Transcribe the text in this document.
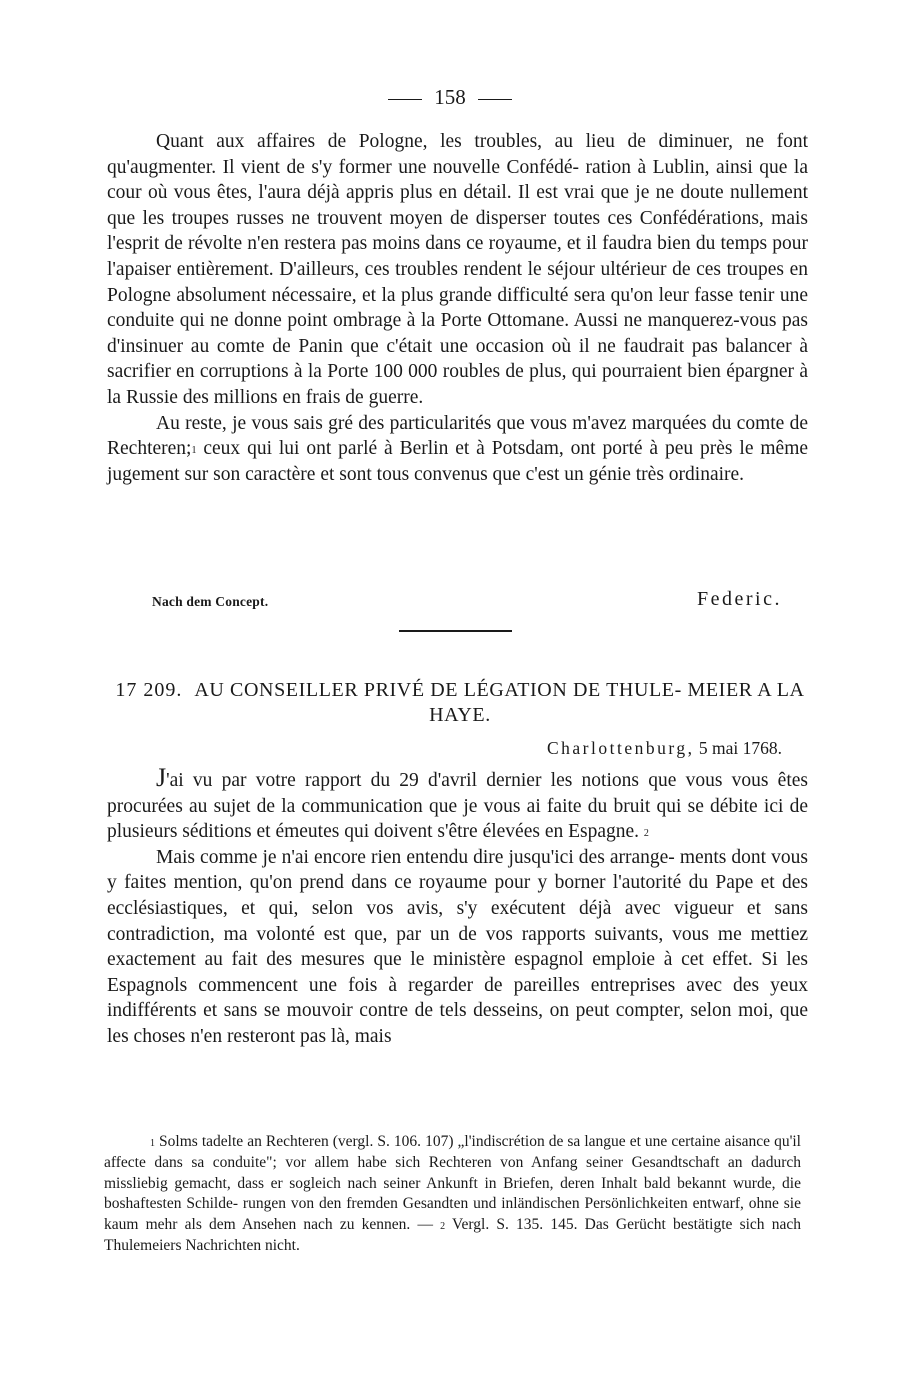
158

Quant aux affaires de Pologne, les troubles, au lieu de diminuer, ne font qu'augmenter. Il vient de s'y former une nouvelle Confédé- ration à Lublin, ainsi que la cour où vous êtes, l'aura déjà appris plus en détail. Il est vrai que je ne doute nullement que les troupes russes ne trouvent moyen de disperser toutes ces Confédérations, mais l'esprit de révolte n'en restera pas moins dans ce royaume, et il faudra bien du temps pour l'apaiser entièrement. D'ailleurs, ces troubles rendent le séjour ultérieur de ces troupes en Pologne absolument nécessaire, et la plus grande difficulté sera qu'on leur fasse tenir une conduite qui ne donne point ombrage à la Porte Ottomane. Aussi ne manquerez-vous pas d'insinuer au comte de Panin que c'était une occasion où il ne faudrait pas balancer à sacrifier en corruptions à la Porte 100 000 roubles de plus, qui pourraient bien épargner à la Russie des millions en frais de guerre.

Au reste, je vous sais gré des particularités que vous m'avez marquées du comte de Rechteren;$^1$ ceux qui lui ont parlé à Berlin et à Potsdam, ont porté à peu près le même jugement sur son caractère et sont tous convenus que c'est un génie très ordinaire.

Nach dem Concept.	Federic.
17 209. AU CONSEILLER PRIVÉ DE LÉGATION DE THULE- MEIER A LA HAYE.
Charlottenburg, 5 mai 1768.

J'ai vu par votre rapport du 29 d'avril dernier les notions que vous vous êtes procurées au sujet de la communication que je vous ai faite du bruit qui se débite ici de plusieurs séditions et émeutes qui doivent s'être élevées en Espagne. $^2$

Mais comme je n'ai encore rien entendu dire jusqu'ici des arrange- ments dont vous y faites mention, qu'on prend dans ce royaume pour y borner l'autorité du Pape et des ecclésiastiques, et qui, selon vos avis, s'y exécutent déjà avec vigueur et sans contradiction, ma volonté est que, par un de vos rapports suivants, vous me mettiez exactement au fait des mesures que le ministère espagnol emploie à cet effet. Si les Espagnols commencent une fois à regarder de pareilles entreprises avec des yeux indifférents et sans se mouvoir contre de tels desseins, on peut compter, selon moi, que les choses n'en resteront pas là, mais

$^1$ Solms tadelte an Rechteren (vergl. S. 106. 107) „l'indiscrétion de sa langue et une certaine aisance qu'il affecte dans sa conduite"; vor allem habe sich Rechteren von Anfang seiner Gesandtschaft an dadurch missliebig gemacht, dass er sogleich nach seiner Ankunft in Briefen, deren Inhalt bald bekannt wurde, die boshaftesten Schilde- rungen von den fremden Gesandten und inländischen Persönlichkeiten entwarf, ohne sie kaum mehr als dem Ansehen nach zu kennen. — $^2$ Vergl. S. 135. 145. Das Gerücht bestätigte sich nach Thulemeiers Nachrichten nicht.
